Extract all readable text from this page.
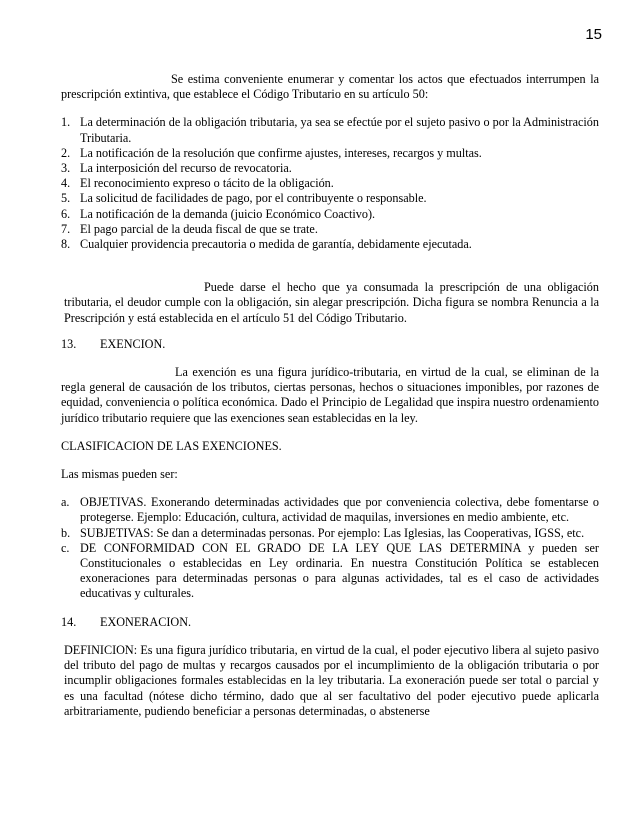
15

Se estima conveniente enumerar y comentar los actos que efectuados interrumpen la prescripción extintiva, que establece el Código Tributario en su artículo 50:

1. La determinación de la obligación tributaria, ya sea se efectúe por el sujeto pasivo o por la Administración Tributaria.
2. La notificación de la resolución que confirme ajustes, intereses, recargos y multas.
3. La interposición del recurso de revocatoria.
4. El reconocimiento expreso o tácito de la obligación.
5. La solicitud de facilidades de pago, por el contribuyente o responsable.
6. La notificación de la demanda (juicio Económico Coactivo).
7. El pago parcial de la deuda fiscal de que se trate.
8. Cualquier providencia precautoria o medida de garantía, debidamente ejecutada.

Puede darse el hecho que ya consumada la prescripción de una obligación tributaria, el deudor cumple con la obligación, sin alegar prescripción. Dicha figura se nombra Renuncia a la Prescripción y está establecida en el artículo 51 del Código Tributario.

13.	EXENCION.

La exención es una figura jurídico-tributaria, en virtud de la cual, se eliminan de la regla general de causación de los tributos, ciertas personas, hechos o situaciones imponibles, por razones de equidad, conveniencia o política económica. Dado el Principio de Legalidad que inspira nuestro ordenamiento jurídico tributario requiere que las exenciones sean establecidas en la ley.

CLASIFICACION DE LAS EXENCIONES.

Las mismas pueden ser:

a. OBJETIVAS. Exonerando determinadas actividades que por conveniencia colectiva, debe fomentarse o protegerse. Ejemplo: Educación, cultura, actividad de maquilas, inversiones en medio ambiente, etc.
b. SUBJETIVAS: Se dan a determinadas personas. Por ejemplo: Las Iglesias, las Cooperativas, IGSS, etc.
c. DE CONFORMIDAD CON EL GRADO DE LA LEY QUE LAS DETERMINA y pueden ser Constitucionales o establecidas en Ley ordinaria. En nuestra Constitución Política se establecen exoneraciones para determinadas personas o para algunas actividades, tal es el caso de actividades educativas y culturales.
14.	EXONERACION.

DEFINICION: Es una figura jurídico tributaria, en virtud de la cual, el poder ejecutivo libera al sujeto pasivo del tributo del pago de multas y recargos causados por el incumplimiento de la obligación tributaria o por incumplir obligaciones formales establecidas en la ley tributaria. La exoneración puede ser total o parcial y es una facultad (nótese dicho término, dado que al ser facultativo del poder ejecutivo puede aplicarla arbitrariamente, pudiendo beneficiar a personas determinadas, o abstenerse
